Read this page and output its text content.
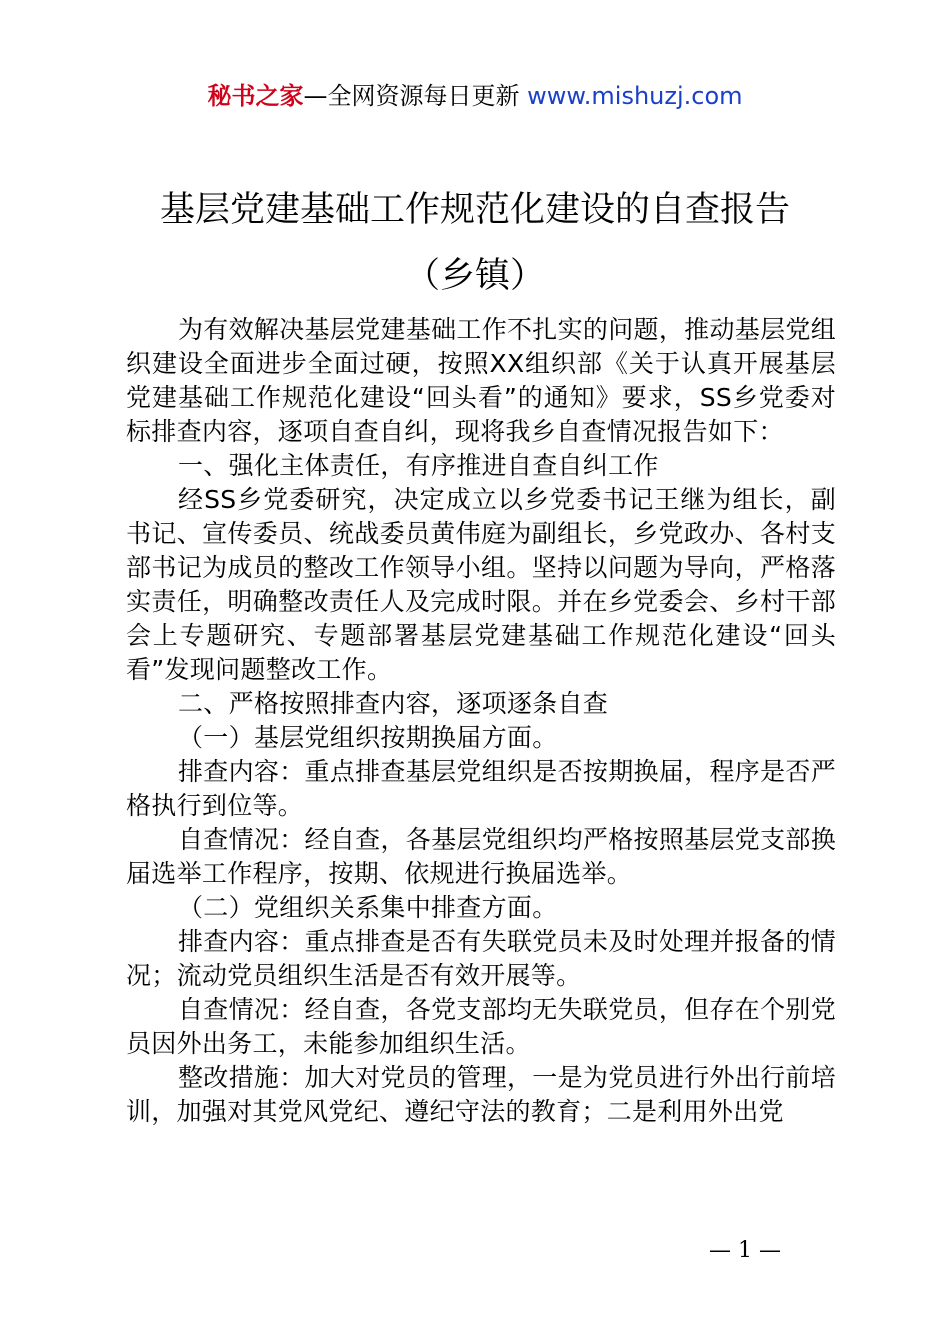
秘书之家—全网资源每日更新 www.mishuzj.com
基层党建基础工作规范化建设的自查报告
（乡镇）

为有效解决基层党建基础工作不扎实的问题，推动基层党组织建设全面进步全面过硬，按照XX组织部《关于认真开展基层党建基础工作规范化建设“回头看”的通知》要求，SS乡党委对标排查内容，逐项自查自纠，现将我乡自查情况报告如下：

一、强化主体责任，有序推进自查自纠工作

经SS乡党委研究，决定成立以乡党委书记王继为组长，副书记、宣传委员、统战委员黄伟庭为副组长，乡党政办、各村支部书记为成员的整改工作领导小组。坚持以问题为导向，严格落实责任，明确整改责任人及完成时限。并在乡党委会、乡村干部会上专题研究、专题部署基层党建基础工作规范化建设“回头看”发现问题整改工作。

二、严格按照排查内容，逐项逐条自查

（一）基层党组织按期换届方面。

排查内容：重点排查基层党组织是否按期换届，程序是否严格执行到位等。

自查情况：经自查，各基层党组织均严格按照基层党支部换届选举工作程序，按期、依规进行换届选举。

（二）党组织关系集中排查方面。

排查内容：重点排查是否有失联党员未及时处理并报备的情况；流动党员组织生活是否有效开展等。

自查情况：经自查，各党支部均无失联党员，但存在个别党员因外出务工，未能参加组织生活。

整改措施：加大对党员的管理，一是为党员进行外出行前培训，加强对其党风党纪、遵纪守法的教育；二是利用外出党

— 1 —
